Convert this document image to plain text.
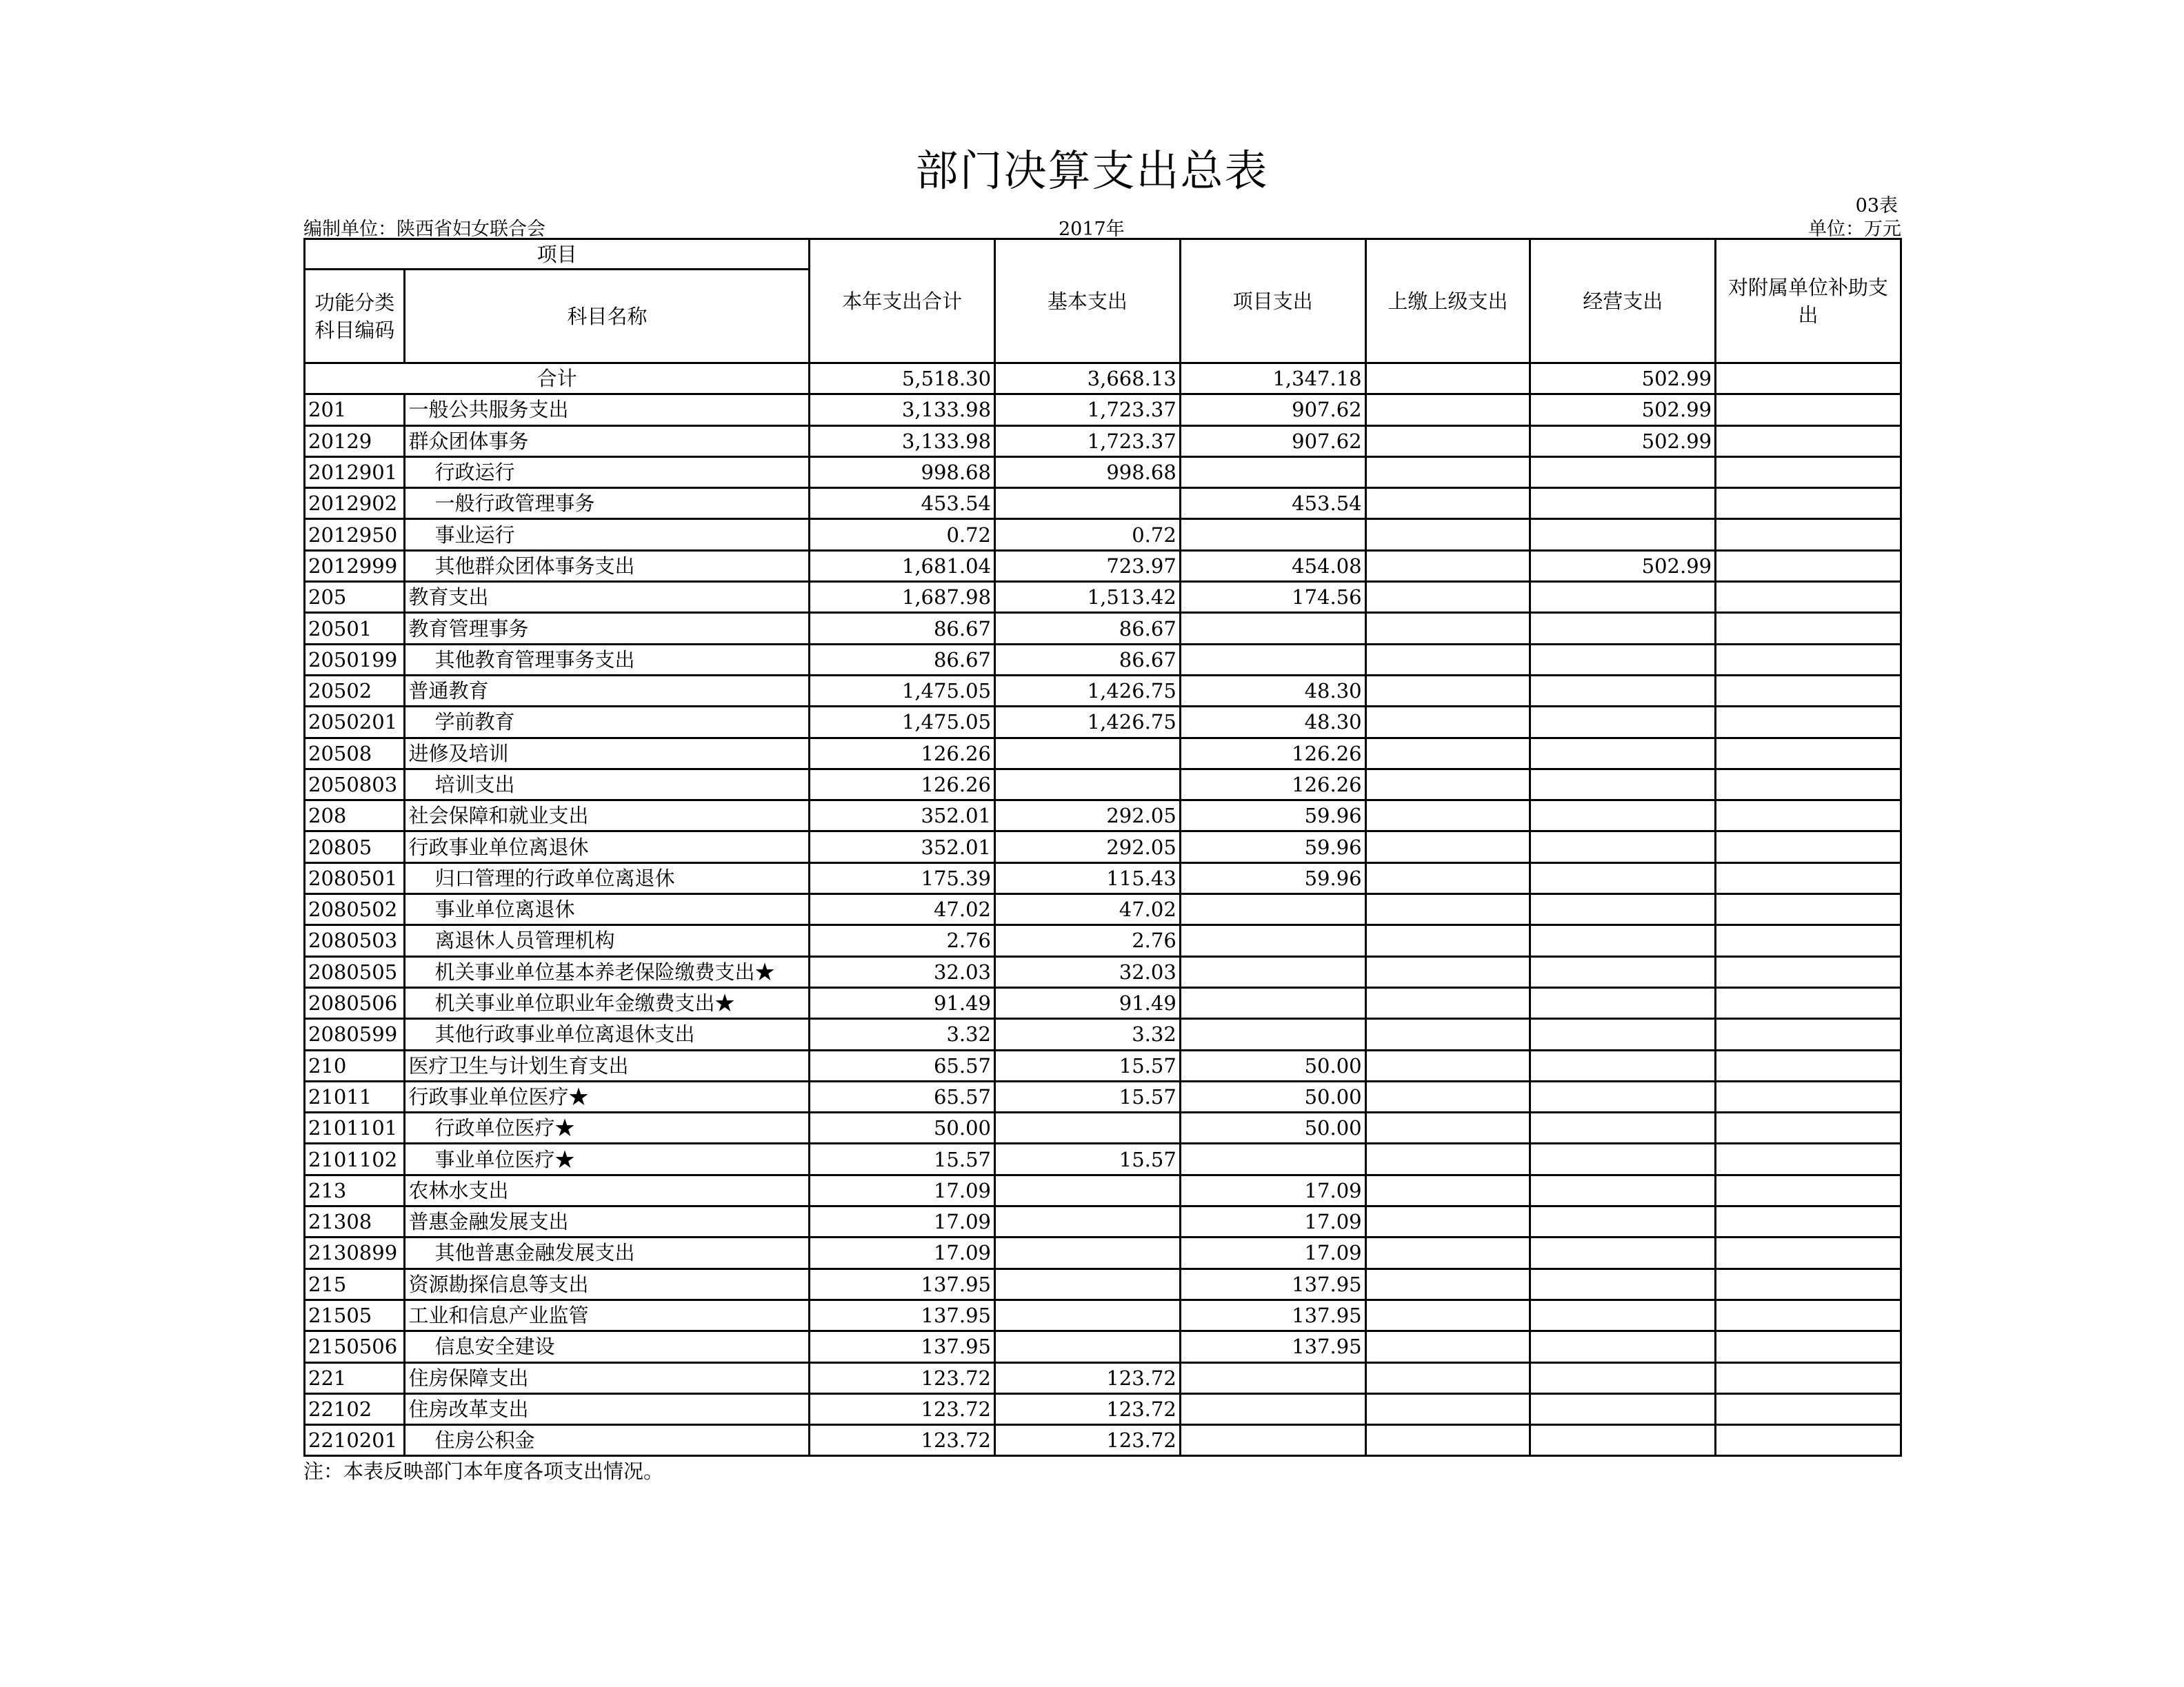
部门决算支出总表
03表
编制单位：陕西省妇女联合会	2017年	单位：万元
项目		本年支出合计	基本支出	项目支出	上缴上级支出	经营支出	对附属单位补助支出
功能分类科目编码	科目名称						
合计		5,518.30	3,668.13	1,347.18		502.99	
201	一般公共服务支出	3,133.98	1,723.37	907.62		502.99	
20129	群众团体事务	3,133.98	1,723.37	907.62		502.99	
2012901	行政运行	998.68	998.68				
2012902	一般行政管理事务	453.54		453.54			
2012950	事业运行	0.72	0.72				
2012999	其他群众团体事务支出	1,681.04	723.97	454.08		502.99	
205	教育支出	1,687.98	1,513.42	174.56			
20501	教育管理事务	86.67	86.67				
2050199	其他教育管理事务支出	86.67	86.67				
20502	普通教育	1,475.05	1,426.75	48.30			
2050201	学前教育	1,475.05	1,426.75	48.30			
20508	进修及培训	126.26		126.26			
2050803	培训支出	126.26		126.26			
208	社会保障和就业支出	352.01	292.05	59.96			
20805	行政事业单位离退休	352.01	292.05	59.96			
2080501	归口管理的行政单位离退休	175.39	115.43	59.96			
2080502	事业单位离退休	47.02	47.02				
2080503	离退休人员管理机构	2.76	2.76				
2080505	机关事业单位基本养老保险缴费支出★	32.03	32.03				
2080506	机关事业单位职业年金缴费支出★	91.49	91.49				
2080599	其他行政事业单位离退休支出	3.32	3.32				
210	医疗卫生与计划生育支出	65.57	15.57	50.00			
21011	行政事业单位医疗★	65.57	15.57	50.00			
2101101	行政单位医疗★	50.00		50.00			
2101102	事业单位医疗★	15.57	15.57				
213	农林水支出	17.09		17.09			
21308	普惠金融发展支出	17.09		17.09			
2130899	其他普惠金融发展支出	17.09		17.09			
215	资源勘探信息等支出	137.95		137.95			
21505	工业和信息产业监管	137.95		137.95			
2150506	信息安全建设	137.95		137.95			
221	住房保障支出	123.72	123.72				
22102	住房改革支出	123.72	123.72				
2210201	住房公积金	123.72	123.72				
注：本表反映部门本年度各项支出情况。
